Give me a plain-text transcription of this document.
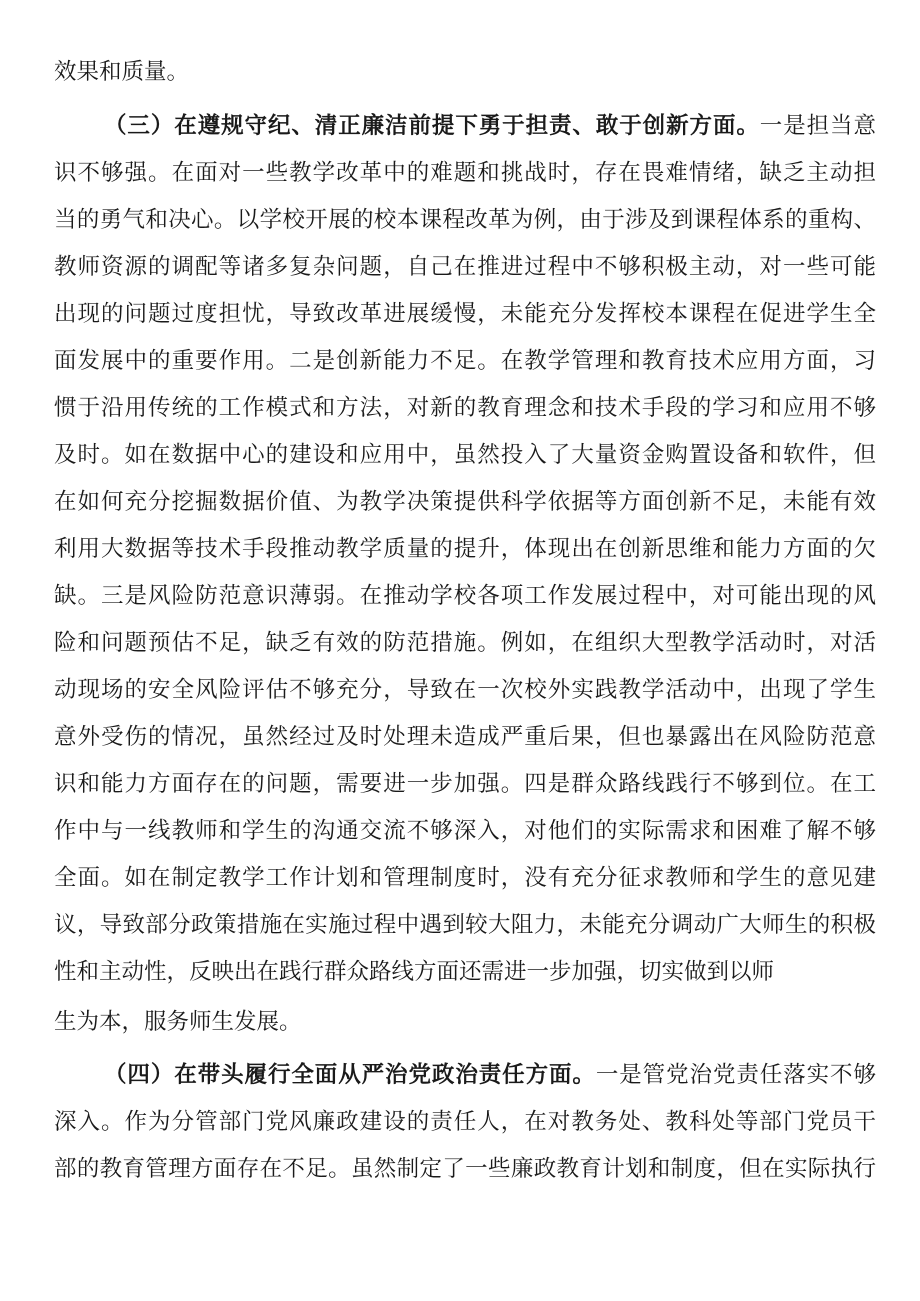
效果和质量。
（三）在遵规守纪、清正廉洁前提下勇于担责、敢于创新方面。一是担当意
识不够强。在面对一些教学改革中的难题和挑战时，存在畏难情绪，缺乏主动担
当的勇气和决心。以学校开展的校本课程改革为例，由于涉及到课程体系的重构、
教师资源的调配等诸多复杂问题，自己在推进过程中不够积极主动，对一些可能
出现的问题过度担忧，导致改革进展缓慢，未能充分发挥校本课程在促进学生全
面发展中的重要作用。二是创新能力不足。在教学管理和教育技术应用方面，习
惯于沿用传统的工作模式和方法，对新的教育理念和技术手段的学习和应用不够
及时。如在数据中心的建设和应用中，虽然投入了大量资金购置设备和软件，但
在如何充分挖掘数据价值、为教学决策提供科学依据等方面创新不足，未能有效
利用大数据等技术手段推动教学质量的提升，体现出在创新思维和能力方面的欠
缺。三是风险防范意识薄弱。在推动学校各项工作发展过程中，对可能出现的风
险和问题预估不足，缺乏有效的防范措施。例如，在组织大型教学活动时，对活
动现场的安全风险评估不够充分，导致在一次校外实践教学活动中，出现了学生
意外受伤的情况，虽然经过及时处理未造成严重后果，但也暴露出在风险防范意
识和能力方面存在的问题，需要进一步加强。四是群众路线践行不够到位。在工
作中与一线教师和学生的沟通交流不够深入，对他们的实际需求和困难了解不够
全面。如在制定教学工作计划和管理制度时，没有充分征求教师和学生的意见建
议，导致部分政策措施在实施过程中遇到较大阻力，未能充分调动广大师生的积极
性和主动性，反映出在践行群众路线方面还需进一步加强，切实做到以师
生为本，服务师生发展。
（四）在带头履行全面从严治党政治责任方面。一是管党治党责任落实不够
深入。作为分管部门党风廉政建设的责任人，在对教务处、教科处等部门党员干
部的教育管理方面存在不足。虽然制定了一些廉政教育计划和制度，但在实际执行
